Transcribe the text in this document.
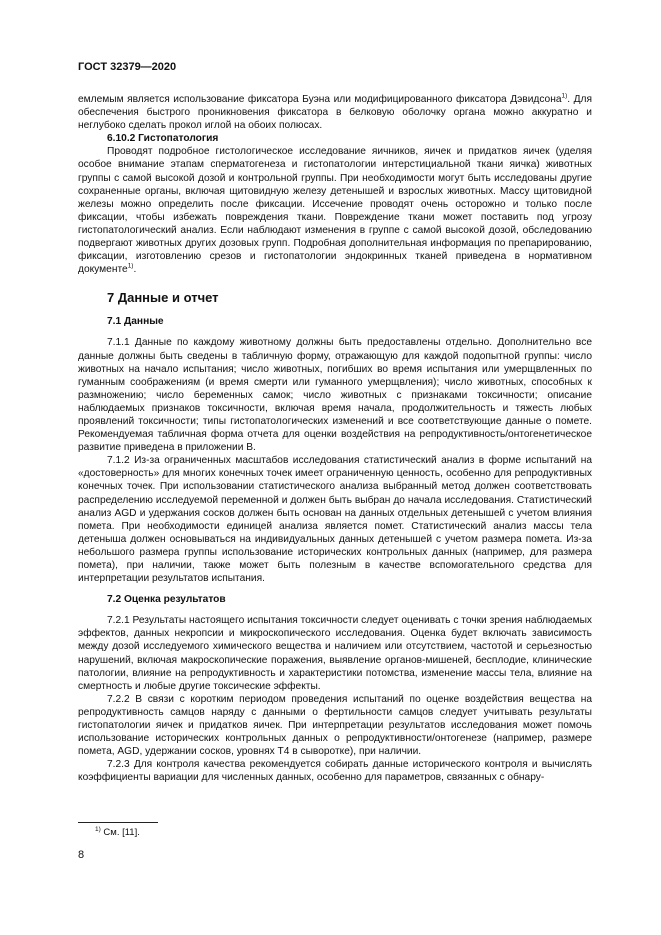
ГОСТ 32379—2020

емлемым является использование фиксатора Буэна или модифицированного фиксатора Дэвидсона$^{1)}$. Для обеспечения быстрого проникновения фиксатора в белковую оболочку органа можно аккуратно и неглубоко сделать прокол иглой на обоих полюсах.

6.10.2 Гистопатология

Проводят подробное гистологическое исследование яичников, яичек и придатков яичек (уделяя особое внимание этапам сперматогенеза и гистопатологии интерстициальной ткани яичка) животных группы с самой высокой дозой и контрольной группы. При необходимости могут быть исследованы другие сохраненные органы, включая щитовидную железу детенышей и взрослых животных. Массу щитовидной железы можно определить после фиксации. Иссечение проводят очень осторожно и только после фиксации, чтобы избежать повреждения ткани. Повреждение ткани может поставить под угрозу гистопатологический анализ. Если наблюдают изменения в группе с самой высокой дозой, обследованию подвергают животных других дозовых групп. Подробная дополнительная информация по препарированию, фиксации, изготовлению срезов и гистопатологии эндокринных тканей приведена в нормативном документе$^{1)}$.

7 Данные и отчет

7.1 Данные

7.1.1 Данные по каждому животному должны быть предоставлены отдельно. Дополнительно все данные должны быть сведены в табличную форму, отражающую для каждой подопытной группы: число животных на начало испытания; число животных, погибших во время испытания или умерщвленных по гуманным соображениям (и время смерти или гуманного умерщвления); число животных, способных к размножению; число беременных самок; число животных с признаками токсичности; описание наблюдаемых признаков токсичности, включая время начала, продолжительность и тяжесть любых проявлений токсичности; типы гистопатологических изменений и все соответствующие данные о помете. Рекомендуемая табличная форма отчета для оценки воздействия на репродуктивность/онтогенетическое развитие приведена в приложении В.

7.1.2 Из-за ограниченных масштабов исследования статистический анализ в форме испытаний на «достоверность» для многих конечных точек имеет ограниченную ценность, особенно для репродуктивных конечных точек. При использовании статистического анализа выбранный метод должен соответствовать распределению исследуемой переменной и должен быть выбран до начала исследования. Статистический анализ AGD и удержания сосков должен быть основан на данных отдельных детенышей с учетом влияния помета. При необходимости единицей анализа является помет. Статистический анализ массы тела детеныша должен основываться на индивидуальных данных детенышей с учетом размера помета. Из-за небольшого размера группы использование исторических контрольных данных (например, для размера помета), при наличии, также может быть полезным в качестве вспомогательного средства для интерпретации результатов испытания.

7.2 Оценка результатов

7.2.1 Результаты настоящего испытания токсичности следует оценивать с точки зрения наблюдаемых эффектов, данных некропсии и микроскопического исследования. Оценка будет включать зависимость между дозой исследуемого химического вещества и наличием или отсутствием, частотой и серьезностью нарушений, включая макроскопические поражения, выявление органов-мишеней, бесплодие, клинические патологии, влияние на репродуктивность и характеристики потомства, изменение массы тела, влияние на смертность и любые другие токсические эффекты.

7.2.2 В связи с коротким периодом проведения испытаний по оценке воздействия вещества на репродуктивность самцов наряду с данными о фертильности самцов следует учитывать результаты гистопатологии яичек и придатков яичек. При интерпретации результатов исследования может помочь использование исторических контрольных данных о репродуктивности/онтогенезе (например, размере помета, AGD, удержании сосков, уровнях Т4 в сыворотке), при наличии.

7.2.3 Для контроля качества рекомендуется собирать данные исторического контроля и вычислять коэффициенты вариации для численных данных, особенно для параметров, связанных с обнару-

$^{1)}$ См. [11].
8
